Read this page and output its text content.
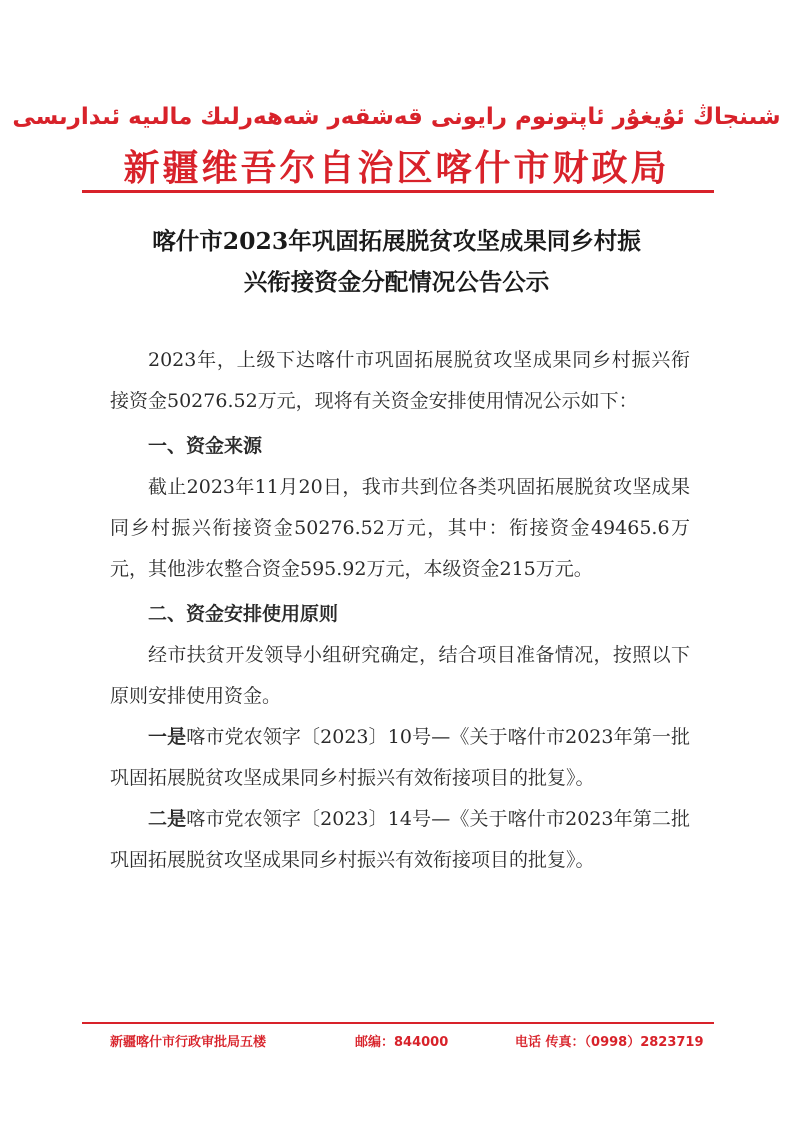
شىنجاڭ ئۇيغۇر ئاپتونوم رايونى قەشقەر شەھەرلىك مالىيە ئىدارىسى
新疆维吾尔自治区喀什市财政局
喀什市2023年巩固拓展脱贫攻坚成果同乡村振
兴衔接资金分配情况公告公示

2023年，上级下达喀什市巩固拓展脱贫攻坚成果同乡村振兴衔接资金50276.52万元，现将有关资金安排使用情况公示如下：

一、资金来源

截止2023年11月20日，我市共到位各类巩固拓展脱贫攻坚成果同乡村振兴衔接资金50276.52万元，其中：衔接资金49465.6万元，其他涉农整合资金595.92万元，本级资金215万元。

二、资金安排使用原则

经市扶贫开发领导小组研究确定，结合项目准备情况，按照以下原则安排使用资金。

一是喀市党农领字〔2023〕10号—《关于喀什市2023年第一批巩固拓展脱贫攻坚成果同乡村振兴有效衔接项目的批复》。

二是喀市党农领字〔2023〕14号—《关于喀什市2023年第二批巩固拓展脱贫攻坚成果同乡村振兴有效衔接项目的批复》。

新疆喀什市行政审批局五楼	邮编：844000	电话 传真：（0998）2823719
